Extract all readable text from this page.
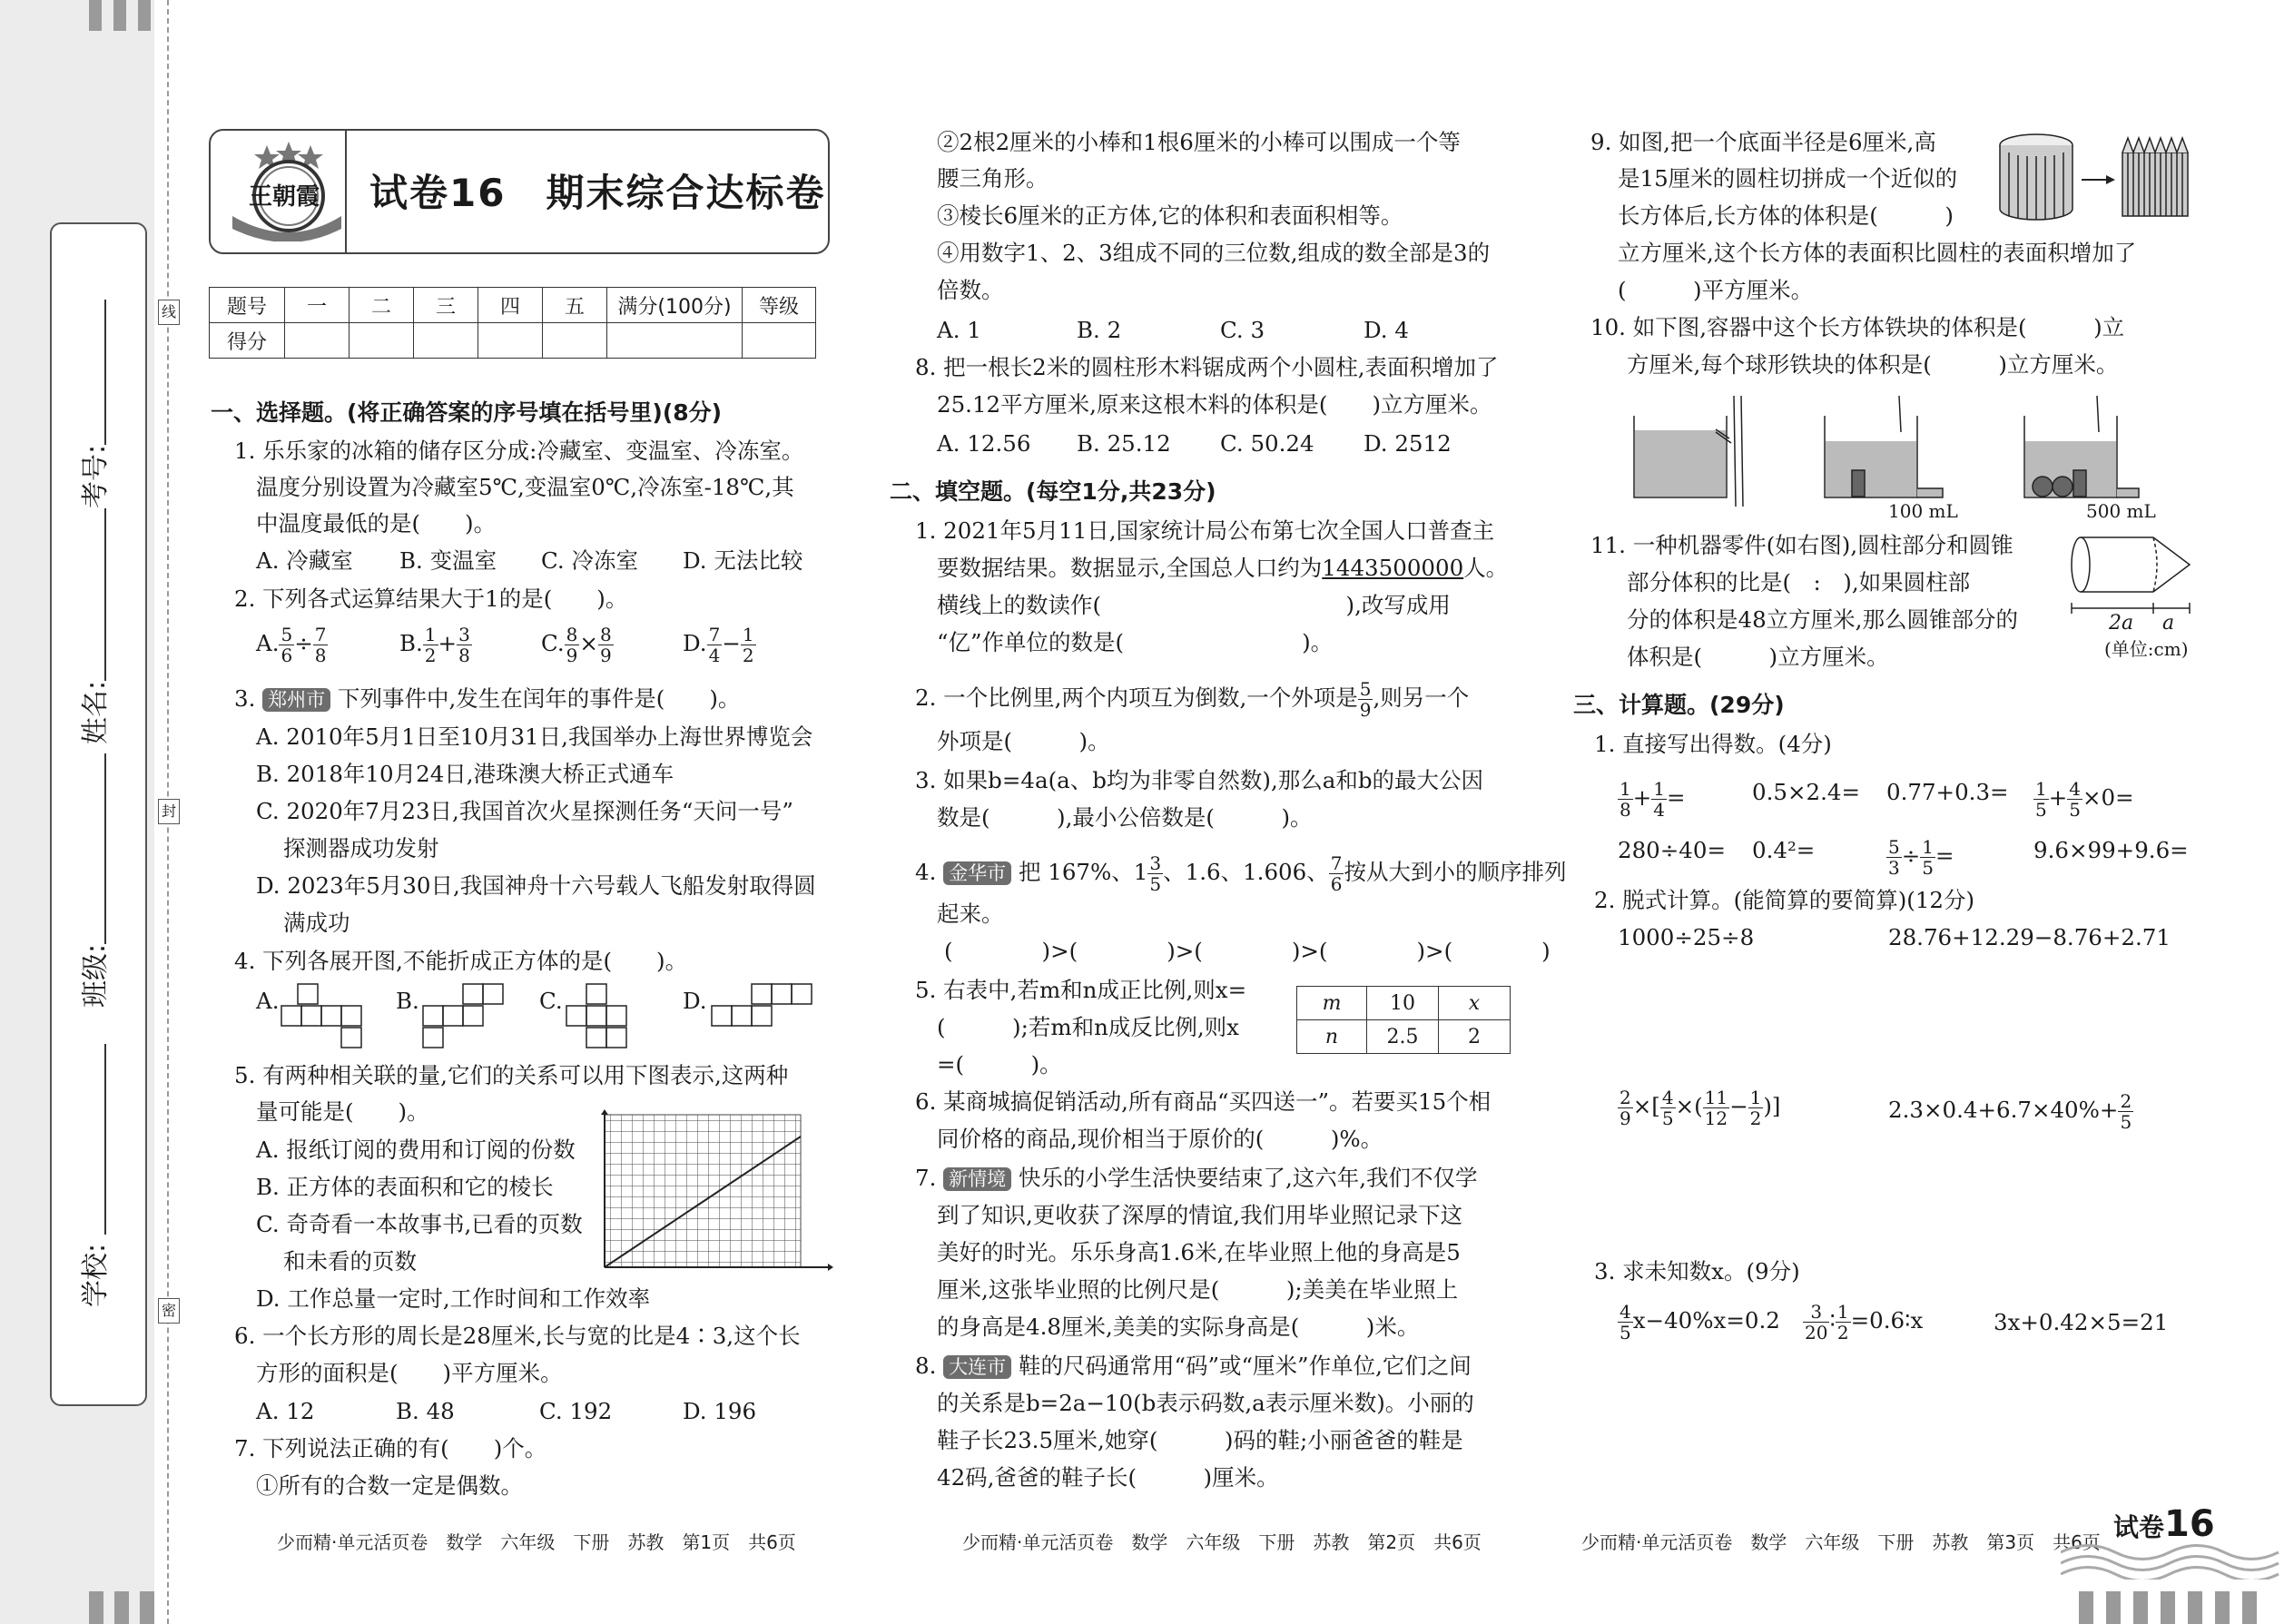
学校:
班级:
姓名:
考号:
线
封
密
王朝霞 试卷16　期末综合达标卷
题号	一	二	三	四	五	满分(100分)	等级
得分							
一、选择题。(将正确答案的序号填在括号里)(8分)
1. 乐乐家的冰箱的储存区分成:冷藏室、变温室、冷冻室。
温度分别设置为冷藏室5℃,变温室0℃,冷冻室-18℃,其
中温度最低的是(　　)。
A. 冷藏室 B. 变温室 C. 冷冻室 D. 无法比较
2. 下列各式运算结果大于1的是(　　)。
A. $\frac{5}{6} \div \frac{7}{8}$	B. $\frac{1}{2} + \frac{3}{8}$	C. $\frac{8}{9} \times \frac{8}{9}$	D. $\frac{7}{4} - \frac{1}{2}$
3. 郑州市 下列事件中,发生在闰年的事件是(　　)。
A. 2010年5月1日至10月31日,我国举办上海世界博览会
B. 2018年10月24日,港珠澳大桥正式通车
C. 2020年7月23日,我国首次火星探测任务“天问一号”
探测器成功发射
D. 2023年5月30日,我国神舟十六号载人飞船发射取得圆
满成功
4. 下列各展开图,不能折成正方体的是(　　)。
A.	B.	C.	D.
5. 有两种相关联的量,它们的关系可以用下图表示,这两种
量可能是(　　)。
A. 报纸订阅的费用和订阅的份数
B. 正方体的表面积和它的棱长
C. 奇奇看一本故事书,已看的页数
和未看的页数
D. 工作总量一定时,工作时间和工作效率
6. 一个长方形的周长是28厘米,长与宽的比是4∶3,这个长
方形的面积是(　　)平方厘米。
A. 12	B. 48	C. 192	D. 196
7. 下列说法正确的有(　　)个。
①所有的合数一定是偶数。
少而精·单元活页卷　数学　六年级　下册　苏教　第1页　共6页
②2根2厘米的小棒和1根6厘米的小棒可以围成一个等
腰三角形。
③棱长6厘米的正方体,它的体积和表面积相等。
④用数字1、2、3组成不同的三位数,组成的数全部是3的
倍数。
A. 1	B. 2	C. 3	D. 4
8. 把一根长2米的圆柱形木料锯成两个小圆柱,表面积增加了
25.12平方厘米,原来这根木料的体积是(　　)立方厘米。
A. 12.56 B. 25.12 C. 50.24 D. 2512
二、填空题。(每空1分,共23分)
1. 2021年5月11日,国家统计局公布第七次全国人口普查主
要数据结果。数据显示,全国总人口约为1443500000人。
横线上的数读作(　　　　　　　　　　　),改写成用
“亿”作单位的数是(　　　　　　　　)。
2. 一个比例里,两个内项互为倒数,一个外项是 $\frac{5}{9}$ ,则另一个
外项是(　　　)。
3. 如果b=4a(a、b均为非零自然数),那么a和b的最大公因
数是(　　　),最小公倍数是(　　　)。
4. 金华市 把 167%、$1 \frac{3}{5}$ 、1.6、1.606、 $\frac{7}{6}$ 按从大到小的顺序排列
起来。
(　　　　)>(　　　　)>(　　　　)>(　　　　)>(　　　　)
5. 右表中,若m和n成正比例,则x=
(　　　);若m和n成反比例,则x
=(　　　)。
m	10	x
n	2.5	2
6. 某商城搞促销活动,所有商品“买四送一”。若要买15个相
同价格的商品,现价相当于原价的(　　　)%。
7. 新情境 快乐的小学生活快要结束了,这六年,我们不仅学
到了知识,更收获了深厚的情谊,我们用毕业照记录下这
美好的时光。乐乐身高1.6米,在毕业照上他的身高是5
厘米,这张毕业照的比例尺是(　　　);美美在毕业照上
的身高是4.8厘米,美美的实际身高是(　　　)米。
8. 大连市 鞋的尺码通常用“码”或“厘米”作单位,它们之间
的关系是b=2a−10(b表示码数,a表示厘米数)。小丽的
鞋子长23.5厘米,她穿(　　　)码的鞋;小丽爸爸的鞋是
42码,爸爸的鞋子长(　　　)厘米。
少而精·单元活页卷　数学　六年级　下册　苏教　第2页　共6页
9. 如图,把一个底面半径是6厘米,高
是15厘米的圆柱切拼成一个近似的
长方体后,长方体的体积是(　　　)
立方厘米,这个长方体的表面积比圆柱的表面积增加了
(　　　)平方厘米。
10. 如下图,容器中这个长方体铁块的体积是(　　　)立
方厘米,每个球形铁块的体积是(　　　)立方厘米。
100 mL	500 mL
11. 一种机器零件(如右图),圆柱部分和圆锥
部分体积的比是(　:　),如果圆柱部
分的体积是48立方厘米,那么圆锥部分的
体积是(　　　)立方厘米。
2a a
(单位:cm)
三、计算题。(29分)
1. 直接写出得数。(4分)
$\frac{1}{8} + \frac{1}{4}$ =	$0.5\times 2.4= 0.77+0.3= \frac{1}{5} + \frac{4}{5} \times 0=$
280÷40= 0.4²=	$\frac{5}{3} \div \frac{1}{5}$ =	9.6×99+9.6=
2. 脱式计算。(能简算的要简算)(12分)
1000÷25÷8	28.76+12.29−8.76+2.71
$\frac{2}{9}$ ×[ $\frac{4}{5}$ ×( $\frac{11}{12} - \frac{1}{2}$ )]	$2.3\times 0.4+6.7\times 40\%+ \frac{2}{5}$
3. 求未知数x。(9分)
$\frac{4}{5} x-40\%x=0.2 \frac{3}{20}$ ∶ $\frac{1}{2}$ =0.6∶x	3x+0.42×5=21
少而精·单元活页卷　数学　六年级　下册　苏教　第3页　共6页 试卷16
